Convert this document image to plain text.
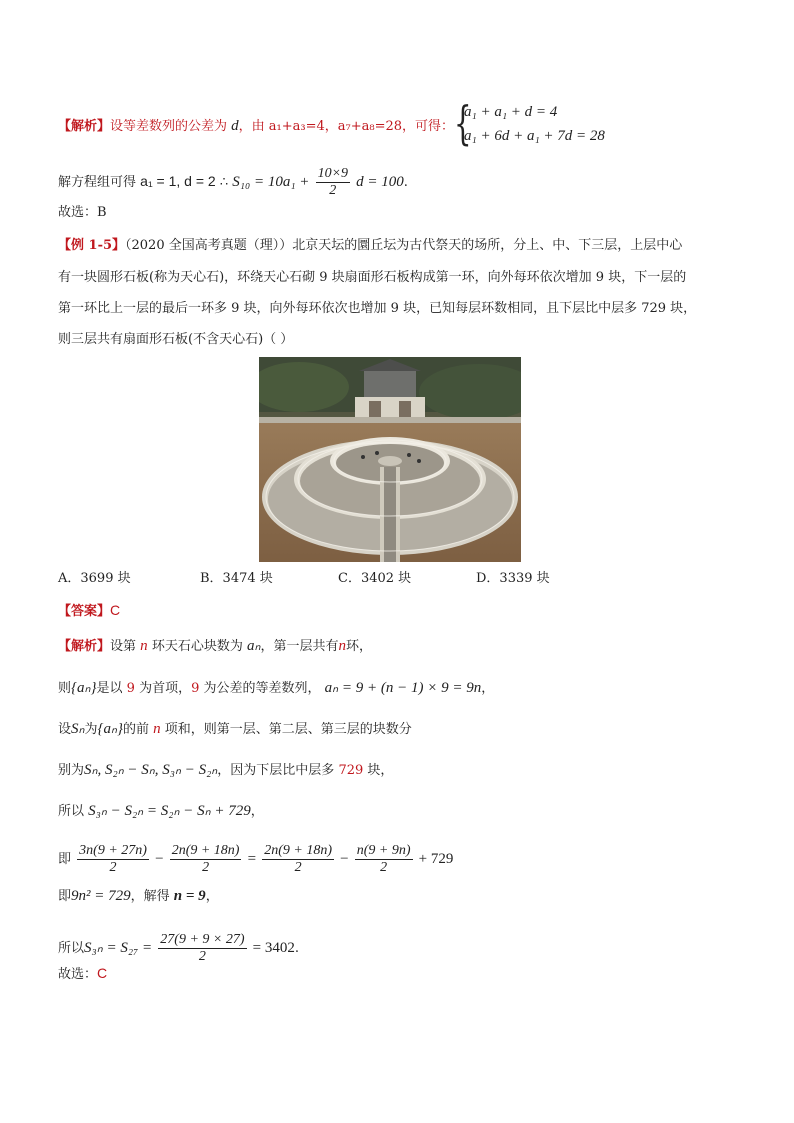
【解析】设等差数列的公差为 d，由 a₁+a₃=4，a₇+a₈=28，可得： {
a₁ + a₁ + d = 4
a₁ + 6d + a₁ + 7d = 28
解方程组可得 a₁ = 1, d = 2 ∴ $S_{10} = 10a_1 + \frac{10\times 9}{2}$ d = 100.
故选：B
【例 1-5】（2020 全国高考真题（理））北京天坛的圜丘坛为古代祭天的场所，分上、中、下三层，上层中心
有一块圆形石板(称为天心石)，环绕天心石砌 9 块扇面形石板构成第一环，向外每环依次增加 9 块，下一层的
第一环比上一层的最后一环多 9 块，向外每环依次也增加 9 块，已知每层环数相同，且下层比中层多 729 块，
则三层共有扇面形石板(不含天心石)（ ）
A．3699 块	B．3474 块	C．3402 块	D．3339 块
【答案】C
【解析】设第 n 环天石心块数为 aₙ，第一层共有n环，
则{aₙ}是以 9 为首项，9 为公差的等差数列， aₙ = 9 + (n − 1) × 9 = 9n，
设Sₙ为{aₙ}的前 n 项和，则第一层、第二层、第三层的块数分
别为Sₙ, S₂ₙ − Sₙ, S₃ₙ − S₂ₙ，因为下层比中层多 729 块，
所以 S₃ₙ − S₂ₙ = S₂ₙ − Sₙ + 729，
即 $\frac{3n(9 + 27n)}{2} - \frac{2n(9 + 18n)}{2} = \frac{2n(9 + 18n)}{2} - \frac{n(9 + 9n)}{2} + 729$
即9n² = 729，解得 n = 9，
所以$S_{3n} = S_{27} = \frac{27(9 + 9 \times 27)}{2} = 3402$.
故选：C
